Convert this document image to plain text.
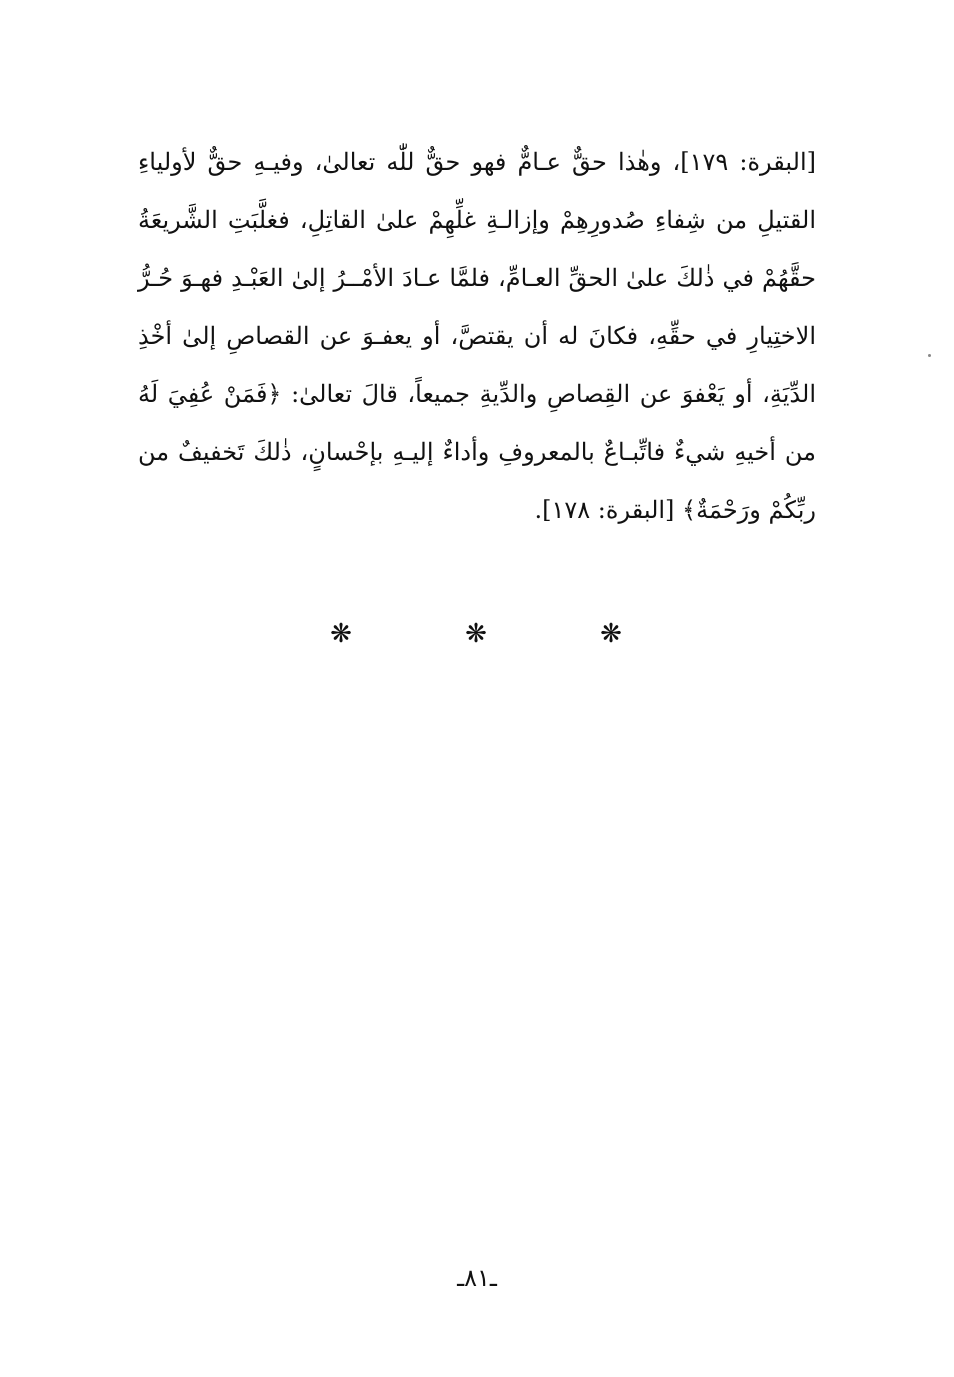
[البقرة: ١٧٩]، وهٰذا حقٌّ عـامٌّ فهو حقٌّ للّٰه تعالىٰ، وفيـهِ حقٌّ لأولياءِ
القتيلِ من شِفاءِ صُدورِهِمْ وإزالـةِ غلِّهِمْ علىٰ القاتِلِ، فغلَّبَتِ الشَّريعَةُ
حقَّهُمْ في ذٰلكَ علىٰ الحقِّ العـامِّ، فلمَّا عـادَ الأمْــرُ إلىٰ العَبْـدِ فهـوَ حُـرُّ
الاختِيارِ في حقِّهِ، فكانَ له أن يقتصَّ، أو يعفـوَ عن القصاصِ إلىٰ أخْذِ
الدِّيَةِ، أو يَعْفوَ عن القِصاصِ والدِّيةِ جميعاً، قالَ تعالىٰ: ﴿فَمَنْ عُفِيَ لَهُ
من أخيهِ شيءٌ فاتِّبـاعٌ بالمعروفِ وأداءٌ إليـهِ بإحْسانٍ، ذٰلكَ تَخفيفٌ من
ربِّكُمْ ورَحْمَةٌ﴾ [البقرة: ١٧٨].
❋	❋	❋
ـ٨١ـ
